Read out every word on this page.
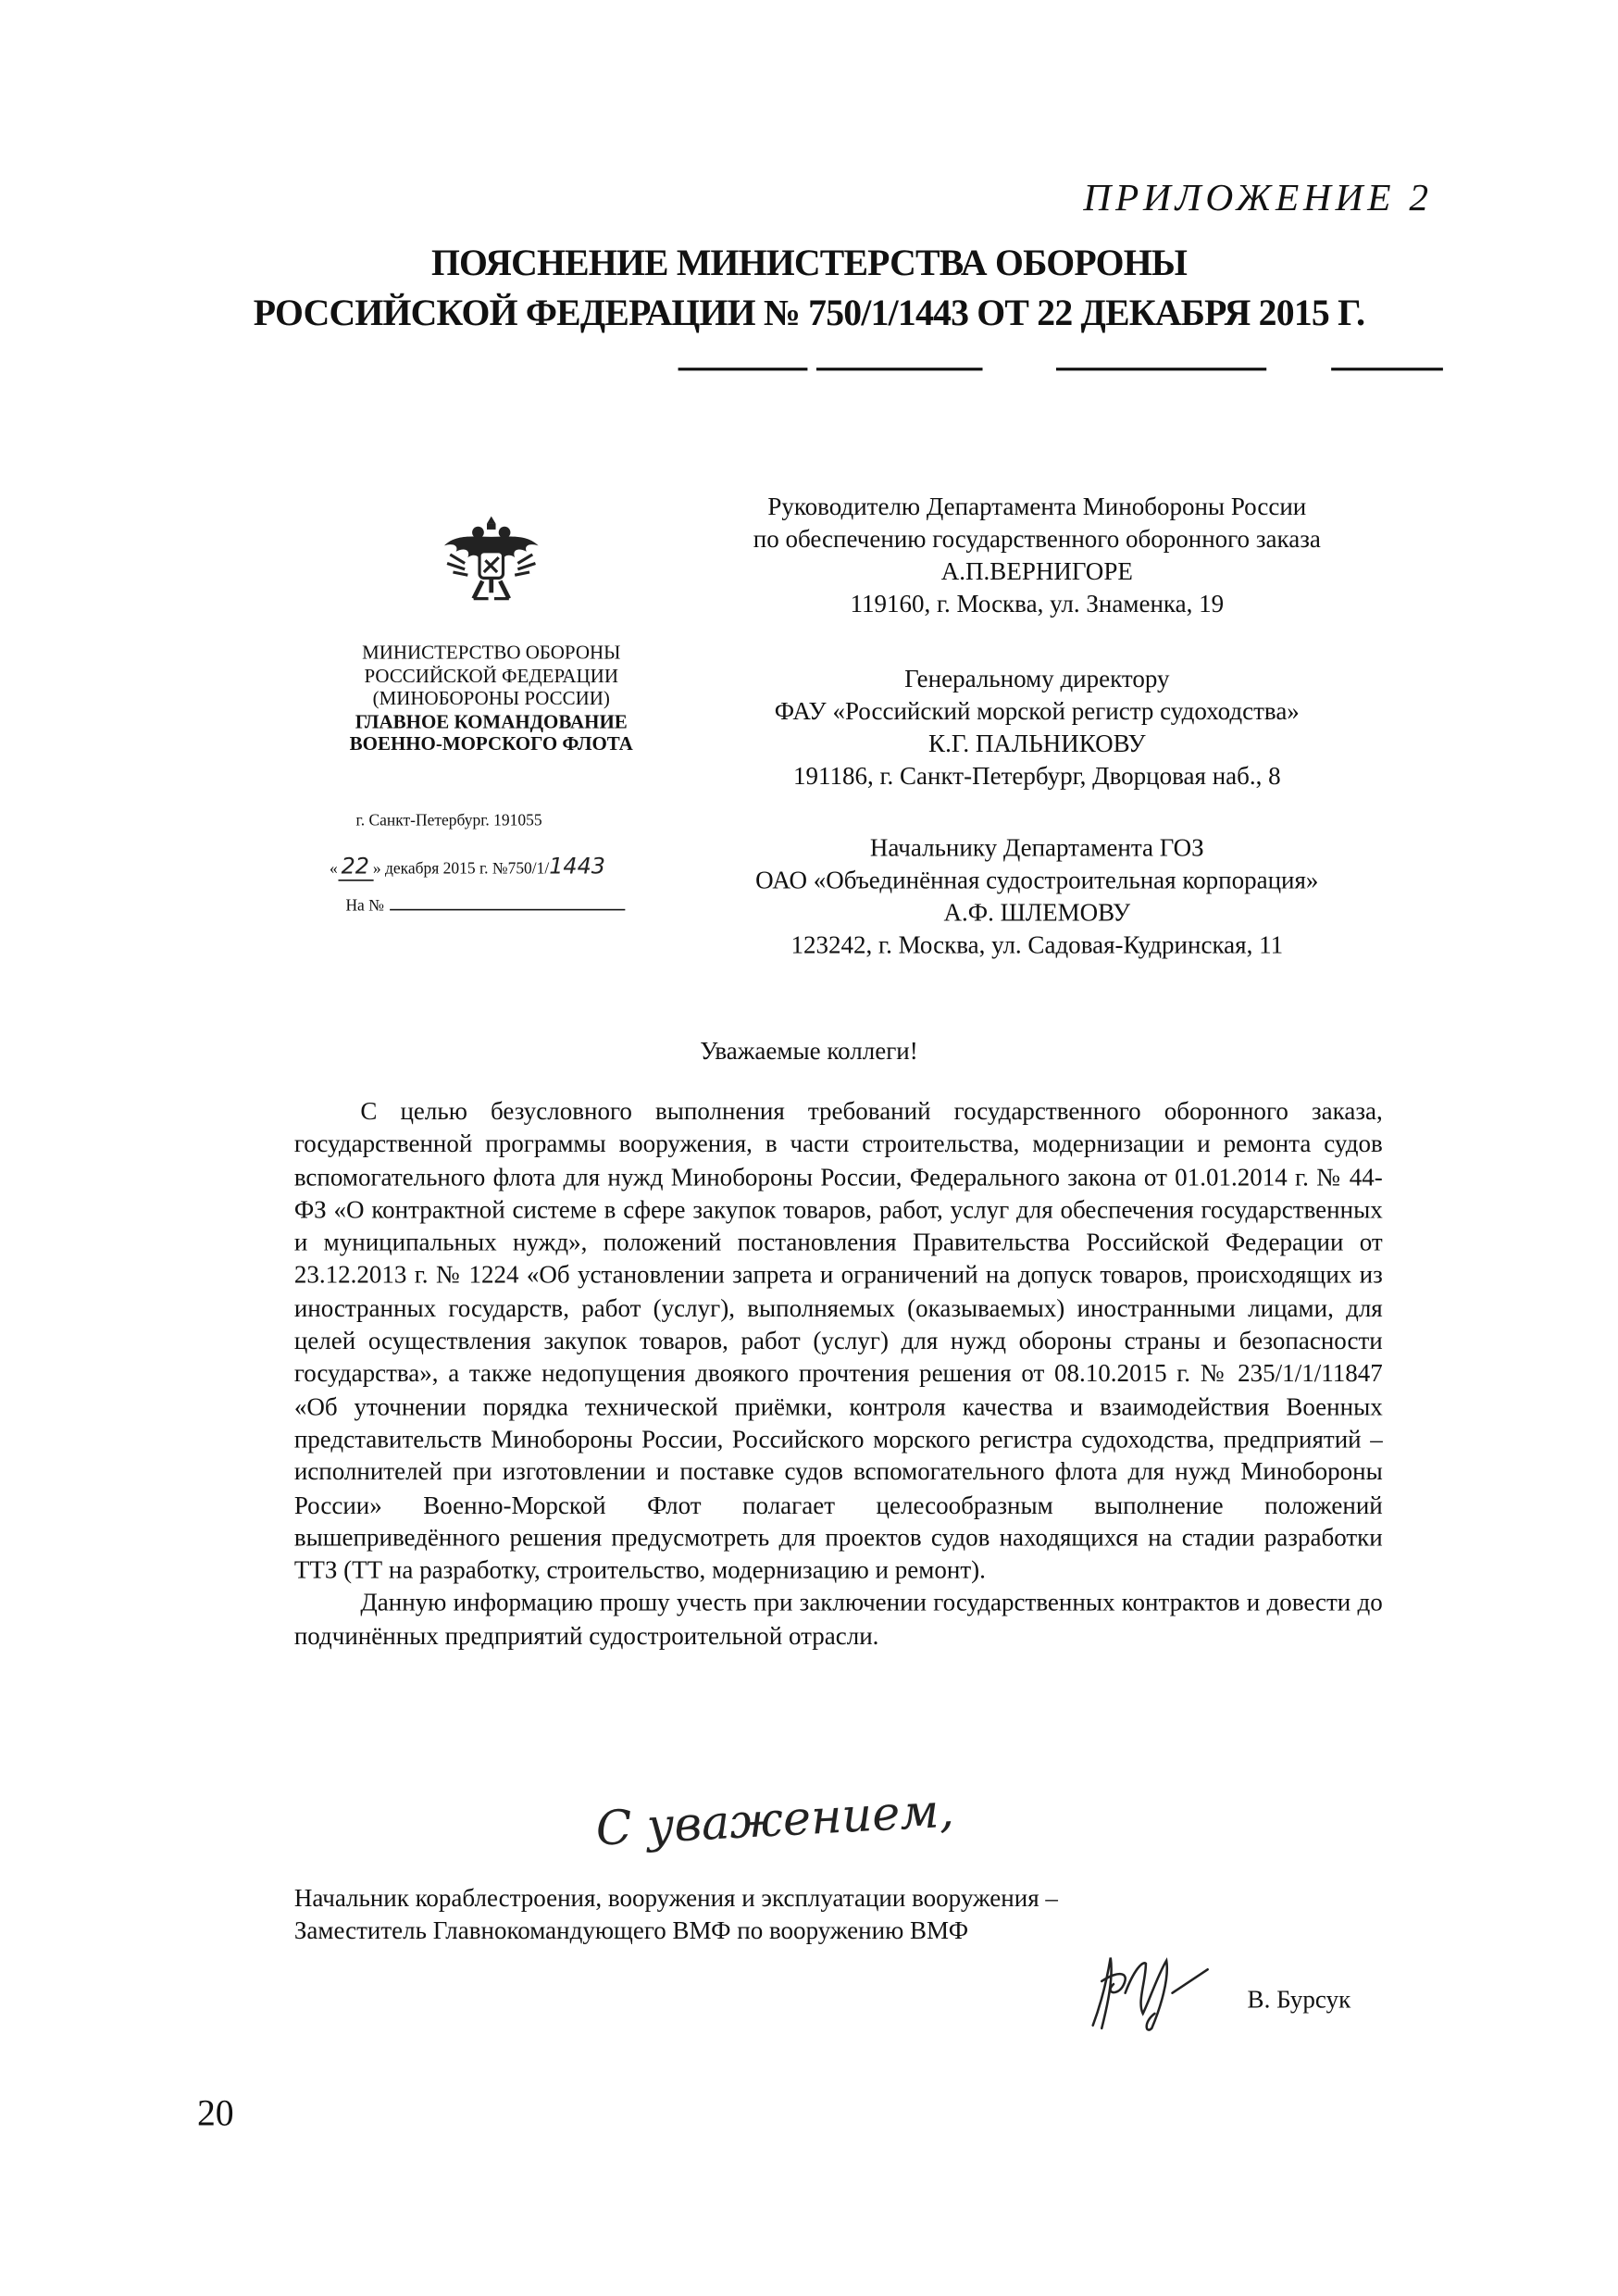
ПРИЛОЖЕНИЕ 2
ПОЯСНЕНИЕ МИНИСТЕРСТВА ОБОРОНЫ
РОССИЙСКОЙ ФЕДЕРАЦИИ № 750/1/1443 ОТ 22 ДЕКАБРЯ 2015 Г.
МИНИСТЕРСТВО ОБОРОНЫ
РОССИЙСКОЙ ФЕДЕРАЦИИ
(МИНОБОРОНЫ РОССИИ)
ГЛАВНОЕ КОМАНДОВАНИЕ
ВОЕННО-МОРСКОГО ФЛОТА
г. Санкт-Петербург. 191055
« 22 » декабря 2015 г. №750/1/1443
На №
Руководителю Департамента Минобороны России
по обеспечению государственного оборонного заказа
А.П.ВЕРНИГОРЕ
119160, г. Москва, ул. Знаменка, 19
Генеральному директору
ФАУ «Российский морской регистр судоходства»
К.Г. ПАЛЬНИКОВУ
191186, г. Санкт-Петербург, Дворцовая наб., 8
Начальнику Департамента ГОЗ
ОАО «Объединённая судостроительная корпорация»
А.Ф. ШЛЕМОВУ
123242, г. Москва, ул. Садовая-Кудринская, 11
Уважаемые коллеги!

С целью безусловного выполнения требований государственного оборонного заказа, государственной программы вооружения, в части строительства, модернизации и ремонта судов вспомогательного флота для нужд Минобороны России, Федерального закона от 01.01.2014 г. № 44-ФЗ «О контрактной системе в сфере закупок товаров, работ, услуг для обеспечения государственных и муниципальных нужд», положений постановления Правительства Российской Федерации от 23.12.2013 г. № 1224 «Об установлении запрета и ограничений на допуск товаров, происходящих из иностранных государств, работ (услуг), выполняемых (оказываемых) иностранными лицами, для целей осуществления закупок товаров, работ (услуг) для нужд обороны страны и безопасности государства», а также недопущения двоякого прочтения решения от 08.10.2015 г. № 235/1/1/11847 «Об уточнении порядка технической приёмки, контроля качества и взаимодействия Военных представительств Минобороны России, Российского морского регистра судоходства, предприятий – исполнителей при изготовлении и поставке судов вспомогательного флота для нужд Минобороны России» Военно-Морской Флот полагает целесообразным выполнение положений вышеприведённого решения предусмотреть для проектов судов находящихся на стадии разработки ТТЗ (ТТ на разработку, строительство, модернизацию и ремонт).

Данную информацию прошу учесть при заключении государственных контрактов и довести до подчинённых предприятий судостроительной отрасли.

С уважением,
Начальник кораблестроения, вооружения и эксплуатации вооружения –
Заместитель Главнокомандующего ВМФ по вооружению ВМФ
В. Бурсук
20
